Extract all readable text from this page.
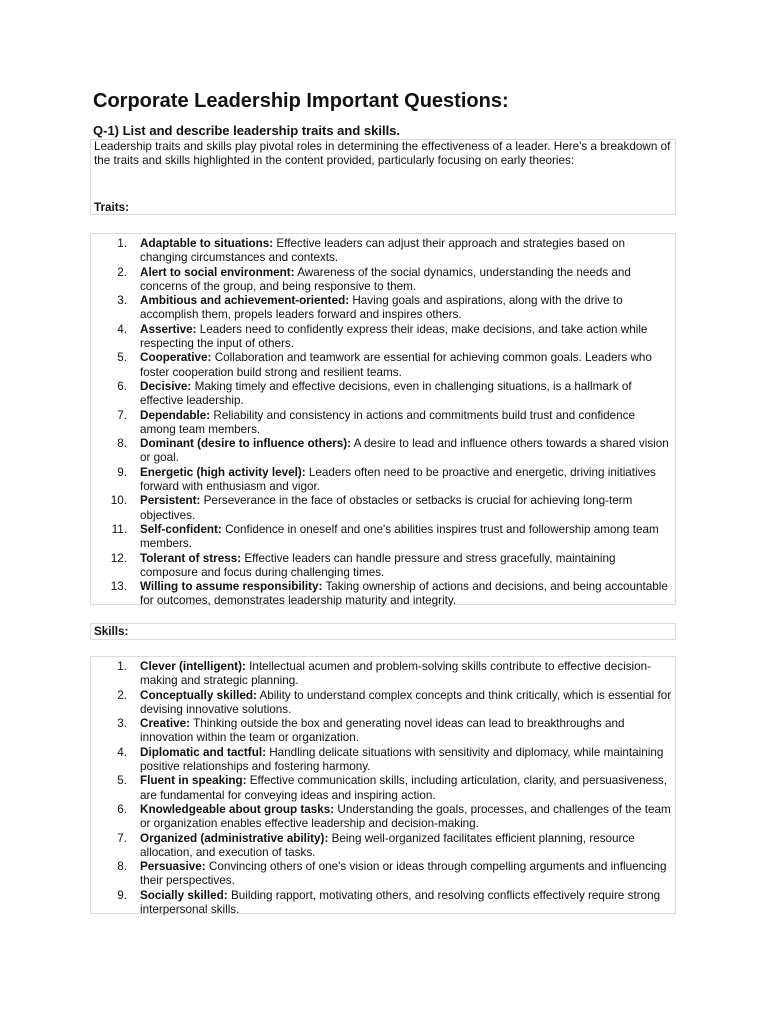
Corporate Leadership Important Questions:
Q-1) List and describe leadership traits and skills.

Leadership traits and skills play pivotal roles in determining the effectiveness of a leader. Here's a breakdown of the traits and skills highlighted in the content provided, particularly focusing on early theories:

Traits:

1. Adaptable to situations: Effective leaders can adjust their approach and strategies based on changing circumstances and contexts.
2. Alert to social environment: Awareness of the social dynamics, understanding the needs and concerns of the group, and being responsive to them.
3. Ambitious and achievement-oriented: Having goals and aspirations, along with the drive to accomplish them, propels leaders forward and inspires others.
4. Assertive: Leaders need to confidently express their ideas, make decisions, and take action while respecting the input of others.
5. Cooperative: Collaboration and teamwork are essential for achieving common goals. Leaders who foster cooperation build strong and resilient teams.
6. Decisive: Making timely and effective decisions, even in challenging situations, is a hallmark of effective leadership.
7. Dependable: Reliability and consistency in actions and commitments build trust and confidence among team members.
8. Dominant (desire to influence others): A desire to lead and influence others towards a shared vision or goal.
9. Energetic (high activity level): Leaders often need to be proactive and energetic, driving initiatives forward with enthusiasm and vigor.
10. Persistent: Perseverance in the face of obstacles or setbacks is crucial for achieving long-term objectives.
11. Self-confident: Confidence in oneself and one's abilities inspires trust and followership among team members.
12. Tolerant of stress: Effective leaders can handle pressure and stress gracefully, maintaining composure and focus during challenging times.
13. Willing to assume responsibility: Taking ownership of actions and decisions, and being accountable for outcomes, demonstrates leadership maturity and integrity.

Skills:

1. Clever (intelligent): Intellectual acumen and problem-solving skills contribute to effective decision-making and strategic planning.
2. Conceptually skilled: Ability to understand complex concepts and think critically, which is essential for devising innovative solutions.
3. Creative: Thinking outside the box and generating novel ideas can lead to breakthroughs and innovation within the team or organization.
4. Diplomatic and tactful: Handling delicate situations with sensitivity and diplomacy, while maintaining positive relationships and fostering harmony.
5. Fluent in speaking: Effective communication skills, including articulation, clarity, and persuasiveness, are fundamental for conveying ideas and inspiring action.
6. Knowledgeable about group tasks: Understanding the goals, processes, and challenges of the team or organization enables effective leadership and decision-making.
7. Organized (administrative ability): Being well-organized facilitates efficient planning, resource allocation, and execution of tasks.
8. Persuasive: Convincing others of one's vision or ideas through compelling arguments and influencing their perspectives.
9. Socially skilled: Building rapport, motivating others, and resolving conflicts effectively require strong interpersonal skills.
